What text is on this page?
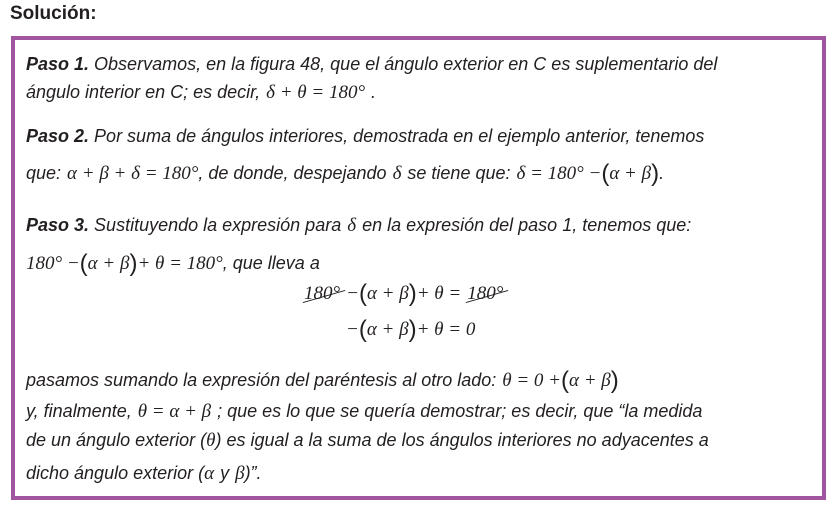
Solución:
Paso 1. Observamos, en la figura 48, que el ángulo exterior en C es suplementario del
ángulo interior en C; es decir, δ + θ = 180° .
Paso 2. Por suma de ángulos interiores, demostrada en el ejemplo anterior, tenemos
que: α + β + δ = 180°, de donde, despejando δ se tiene que: δ = 180° −(α + β).
Paso 3. Sustituyendo la expresión para δ en la expresión del paso 1, tenemos que:
180° −(α + β)+ θ = 180°, que lleva a
180° −(α + β)+ θ = 180°
−(α + β)+ θ = 0
pasamos sumando la expresión del paréntesis al otro lado: θ = 0 +(α + β)
y, finalmente, θ = α + β ; que es lo que se quería demostrar; es decir, que “la medida
de un ángulo exterior (θ) es igual a la suma de los ángulos interiores no adyacentes a
dicho ángulo exterior (α y β)”.
